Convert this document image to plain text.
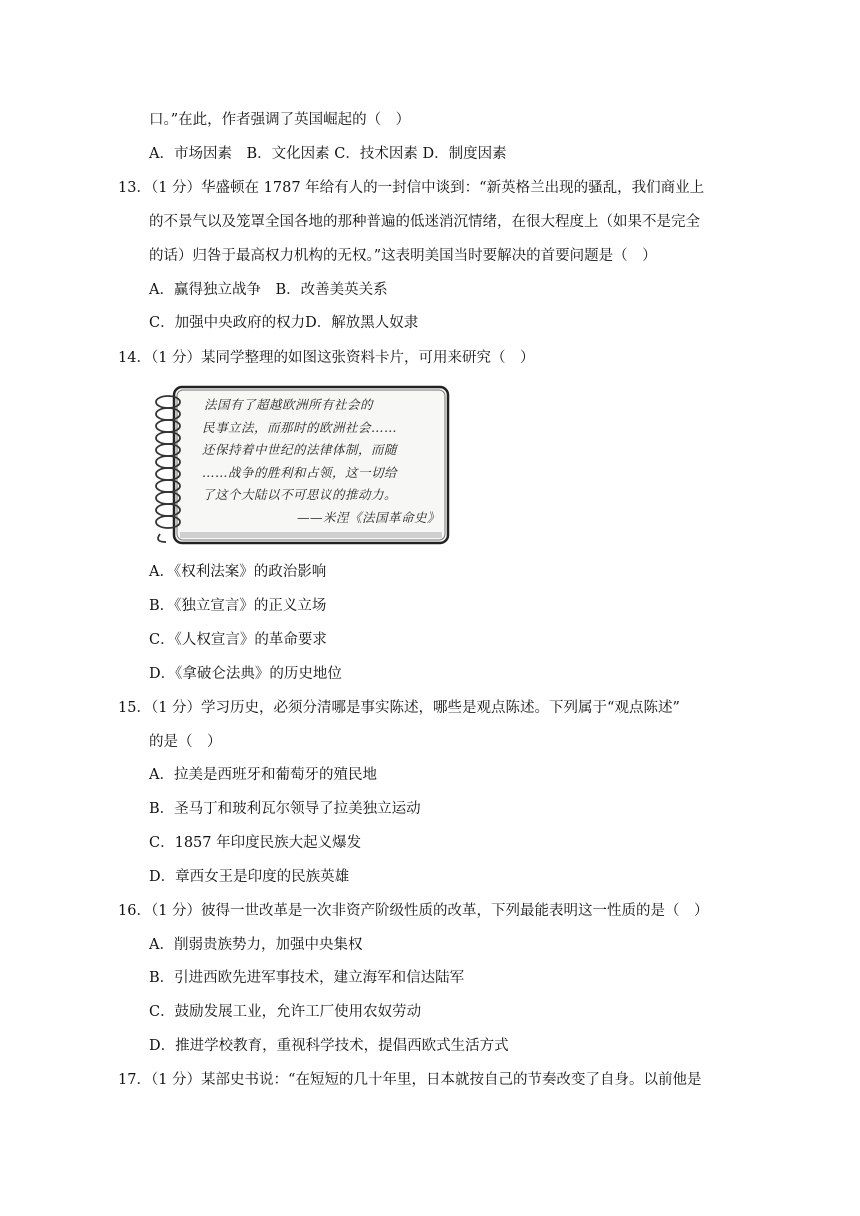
口。”在此，作者强调了英国崛起的（　）
A．市场因素　B．文化因素 C．技术因素 D．制度因素
13．（1 分）华盛顿在 1787 年给有人的一封信中谈到：“新英格兰出现的骚乱，我们商业上
的不景气以及笼罩全国各地的那种普遍的低迷消沉情绪，在很大程度上（如果不是完全
的话）归咎于最高权力机构的无权。”这表明美国当时要解决的首要问题是（　）
A．赢得独立战争　B．改善美英关系
C．加强中央政府的权力D．解放黑人奴隶
14．（1 分）某同学整理的如图这张资料卡片，可用来研究（　）
法国有了超越欧洲所有社会的
民事立法，而那时的欧洲社会……
还保持着中世纪的法律体制，而随
……战争的胜利和占领，这一切给
了这个大陆以不可思议的推动力。
——米涅《法国革命史》
A．《权利法案》的政治影响
B．《独立宣言》的正义立场
C．《人权宣言》的革命要求
D．《拿破仑法典》的历史地位
15．（1 分）学习历史，必须分清哪是事实陈述，哪些是观点陈述。下列属于“观点陈述”
的是（　）
A．拉美是西班牙和葡萄牙的殖民地
B．圣马丁和玻利瓦尔领导了拉美独立运动
C．1857 年印度民族大起义爆发
D．章西女王是印度的民族英雄
16．（1 分）彼得一世改革是一次非资产阶级性质的改革，下列最能表明这一性质的是（　）
A．削弱贵族势力，加强中央集权
B．引进西欧先进军事技术，建立海军和信达陆军
C．鼓励发展工业，允许工厂使用农奴劳动
D．推进学校教育，重视科学技术，提倡西欧式生活方式
17．（1 分）某部史书说：“在短短的几十年里，日本就按自己的节奏改变了自身。以前他是
